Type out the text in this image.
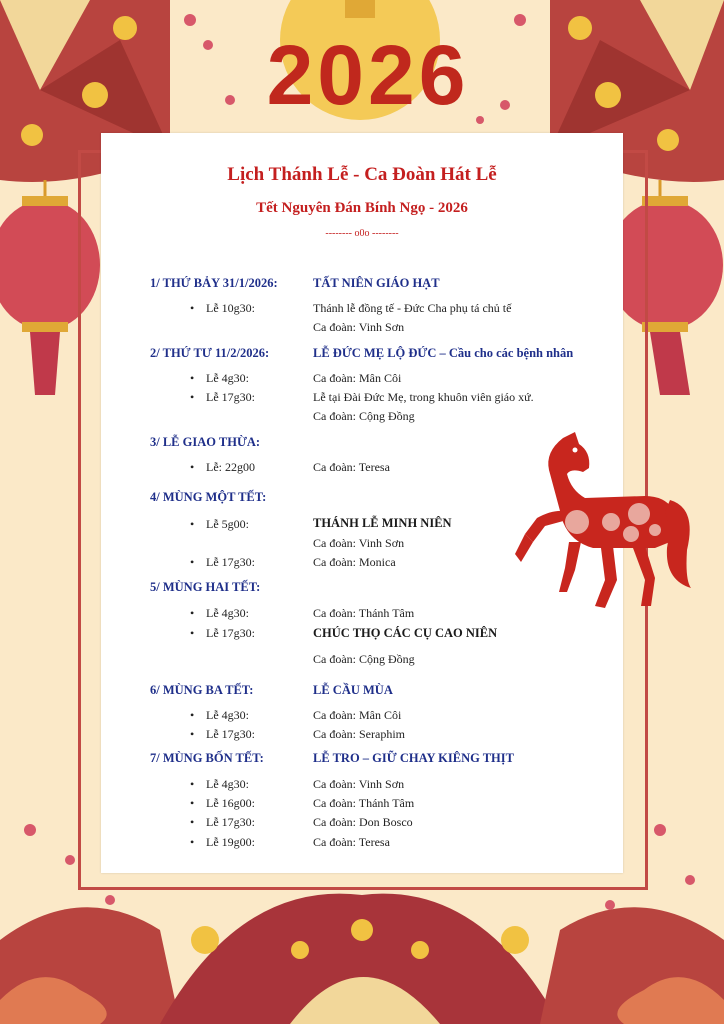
2026
Lịch Thánh Lễ - Ca Đoàn Hát Lễ
Tết Nguyên Đán Bính Ngọ - 2026
-------- o0o --------
1/ THỨ BẢY 31/1/2026:	TẤT NIÊN GIÁO HẠT
• Lễ 10g30:	Thánh lễ đồng tế - Đức Cha phụ tá chủ tế
Ca đoàn: Vinh Sơn
2/ THỨ TƯ 11/2/2026:	LỄ ĐỨC MẸ LỘ ĐỨC – Cầu cho các bệnh nhân
• Lễ 4g30:	Ca đoàn: Mân Côi
• Lễ 17g30:	Lễ tại Đài Đức Mẹ, trong khuôn viên giáo xứ.
Ca đoàn: Cộng Đồng
3/ LỄ GIAO THỪA:
• Lễ: 22g00	Ca đoàn: Teresa
4/ MÙNG MỘT TẾT:
• Lễ 5g00:	THÁNH LỄ MINH NIÊN
Ca đoàn: Vinh Sơn
• Lễ 17g30:	Ca đoàn: Monica
5/ MÙNG HAI TẾT:
• Lễ 4g30:	Ca đoàn: Thánh Tâm
• Lễ 17g30:	CHÚC THỌ CÁC CỤ CAO NIÊN
Ca đoàn: Cộng Đồng
6/ MÙNG BA TẾT:	LỄ CẦU MÙA
• Lễ 4g30:	Ca đoàn: Mân Côi
• Lễ 17g30:	Ca đoàn: Seraphim
7/ MÙNG BỐN TẾT:	LỄ TRO – GIỮ CHAY KIÊNG THỊT
• Lễ 4g30:	Ca đoàn: Vinh Sơn
• Lễ 16g00:	Ca đoàn: Thánh Tâm
• Lễ 17g30:	Ca đoàn: Don Bosco
• Lễ 19g00:	Ca đoàn: Teresa
